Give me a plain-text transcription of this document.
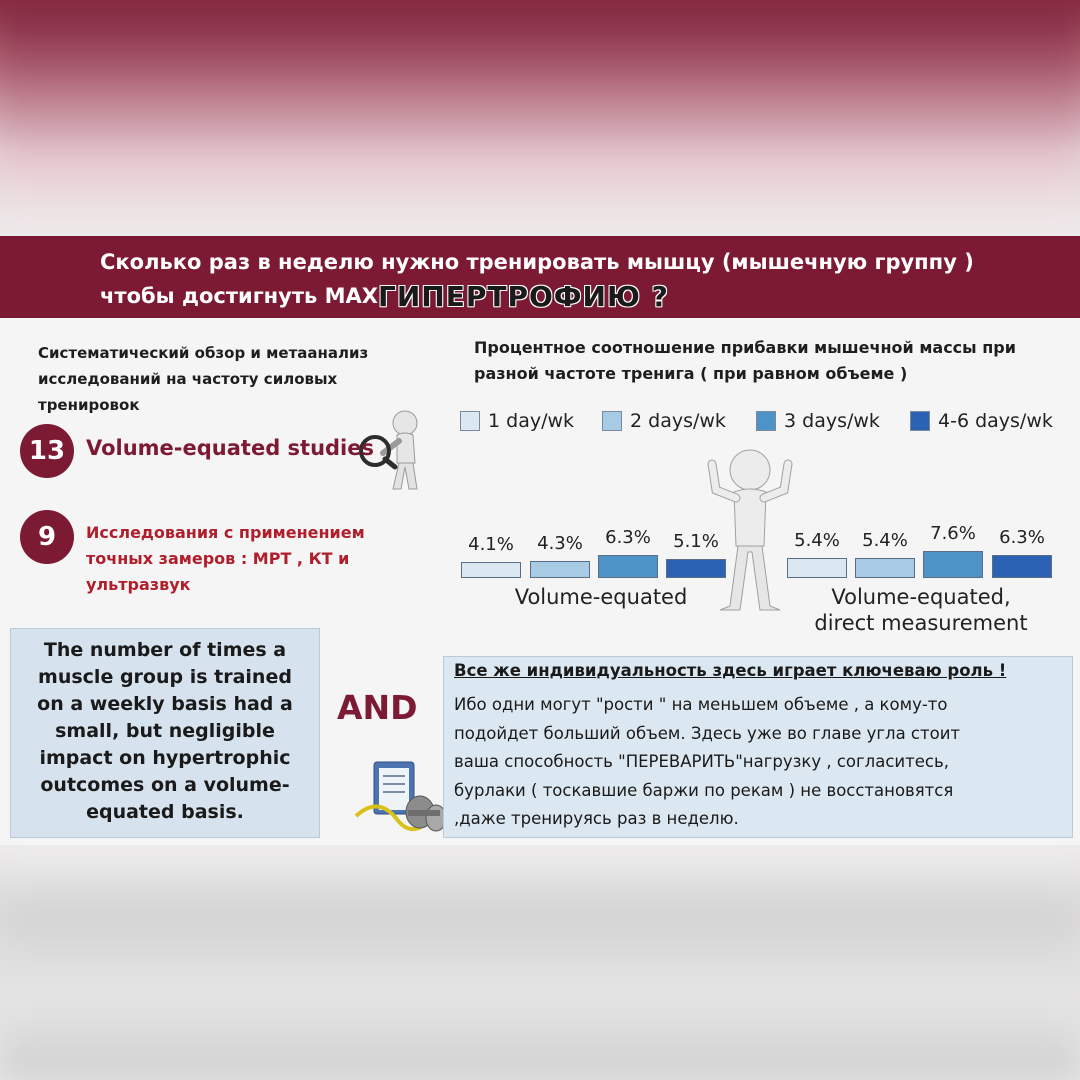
Сколько раз в неделю нужно тренировать мышцу (мышечную группу )
чтобы достигнуть MAX ГИПЕРТРОФИЮ ?
Систематический обзор и метаанализ
исследований на частоту силовых
тренировок
13 Volume-equated studies
9	Исследования с применением
точных замеров : МРТ , КТ и
ультразвук
Процентное соотношение прибавки мышечной массы при
разной частоте тренига ( при равном объеме )
The number of times a
muscle group is trained
on a weekly basis had a
small, but negligible
impact on hypertrophic
outcomes on a volume-
equated basis.
AND
Все же индивидуальность здесь играет ключеваю роль !
Ибо одни могут "рости " на меньшем объеме , а кому-то
подойдет больший объем. Здесь уже во главе угла стоит
ваша способность "ПЕРЕВАРИТЬ"нагрузку , согласитесь,
бурлаки ( тоскавшие баржи по рекам ) не восстановятся
,даже тренируясь раз в неделю.
1 day/wk	2 days/wk	3 days/wk	4-6 days/wk
4.1%	4.3%	6.3%	5.1%	5.4%	5.4%	7.6%	6.3%
Volume-equated	Volume-equated,
direct measurement
